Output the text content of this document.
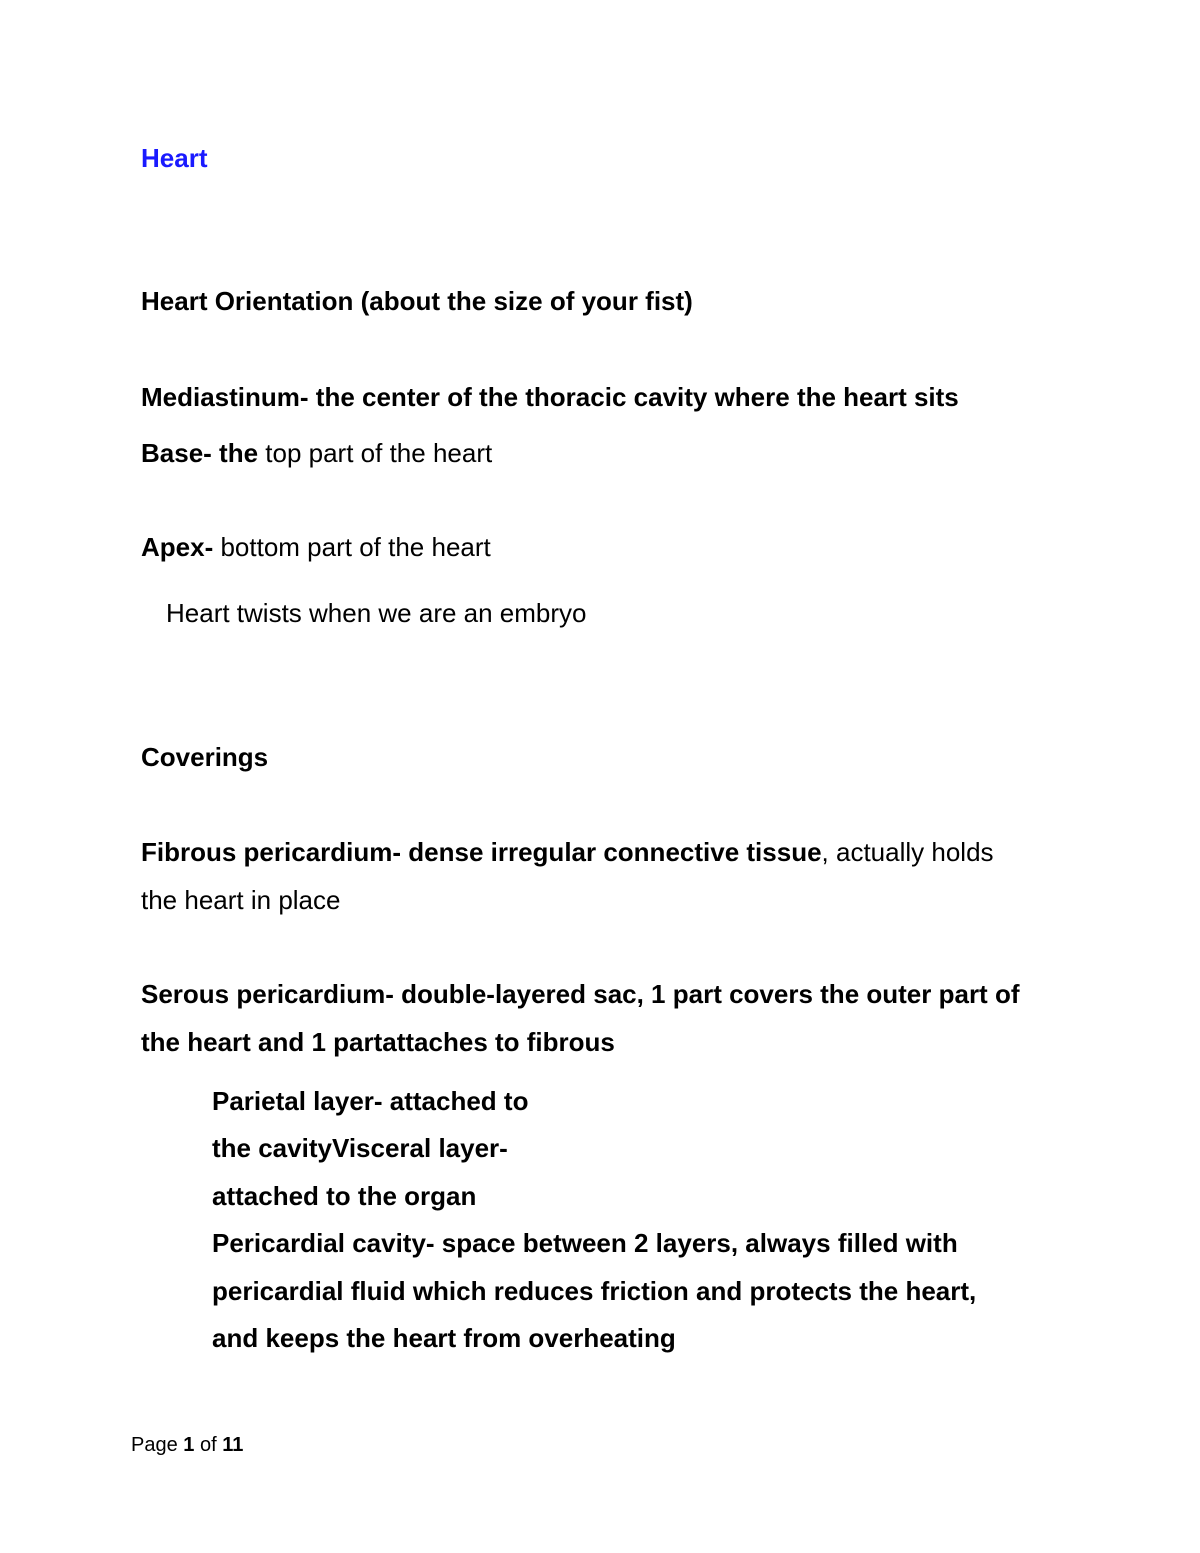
Heart

Heart Orientation (about the size of your fist)

Mediastinum- the center of the thoracic cavity where the heart sits

Base- the top part of the heart

Apex- bottom part of the heart

Heart twists when we are an embryo

Coverings

Fibrous pericardium- dense irregular connective tissue, actually holds

the heart in place

Serous pericardium- double-layered sac, 1 part covers the outer part of

the heart and 1 partattaches to fibrous

Parietal layer- attached to

the cavityVisceral layer-

attached to the organ

Pericardial cavity- space between 2 layers, always filled with

pericardial fluid which reduces friction and protects the heart,

and keeps the heart from overheating

Page 1 of 11
